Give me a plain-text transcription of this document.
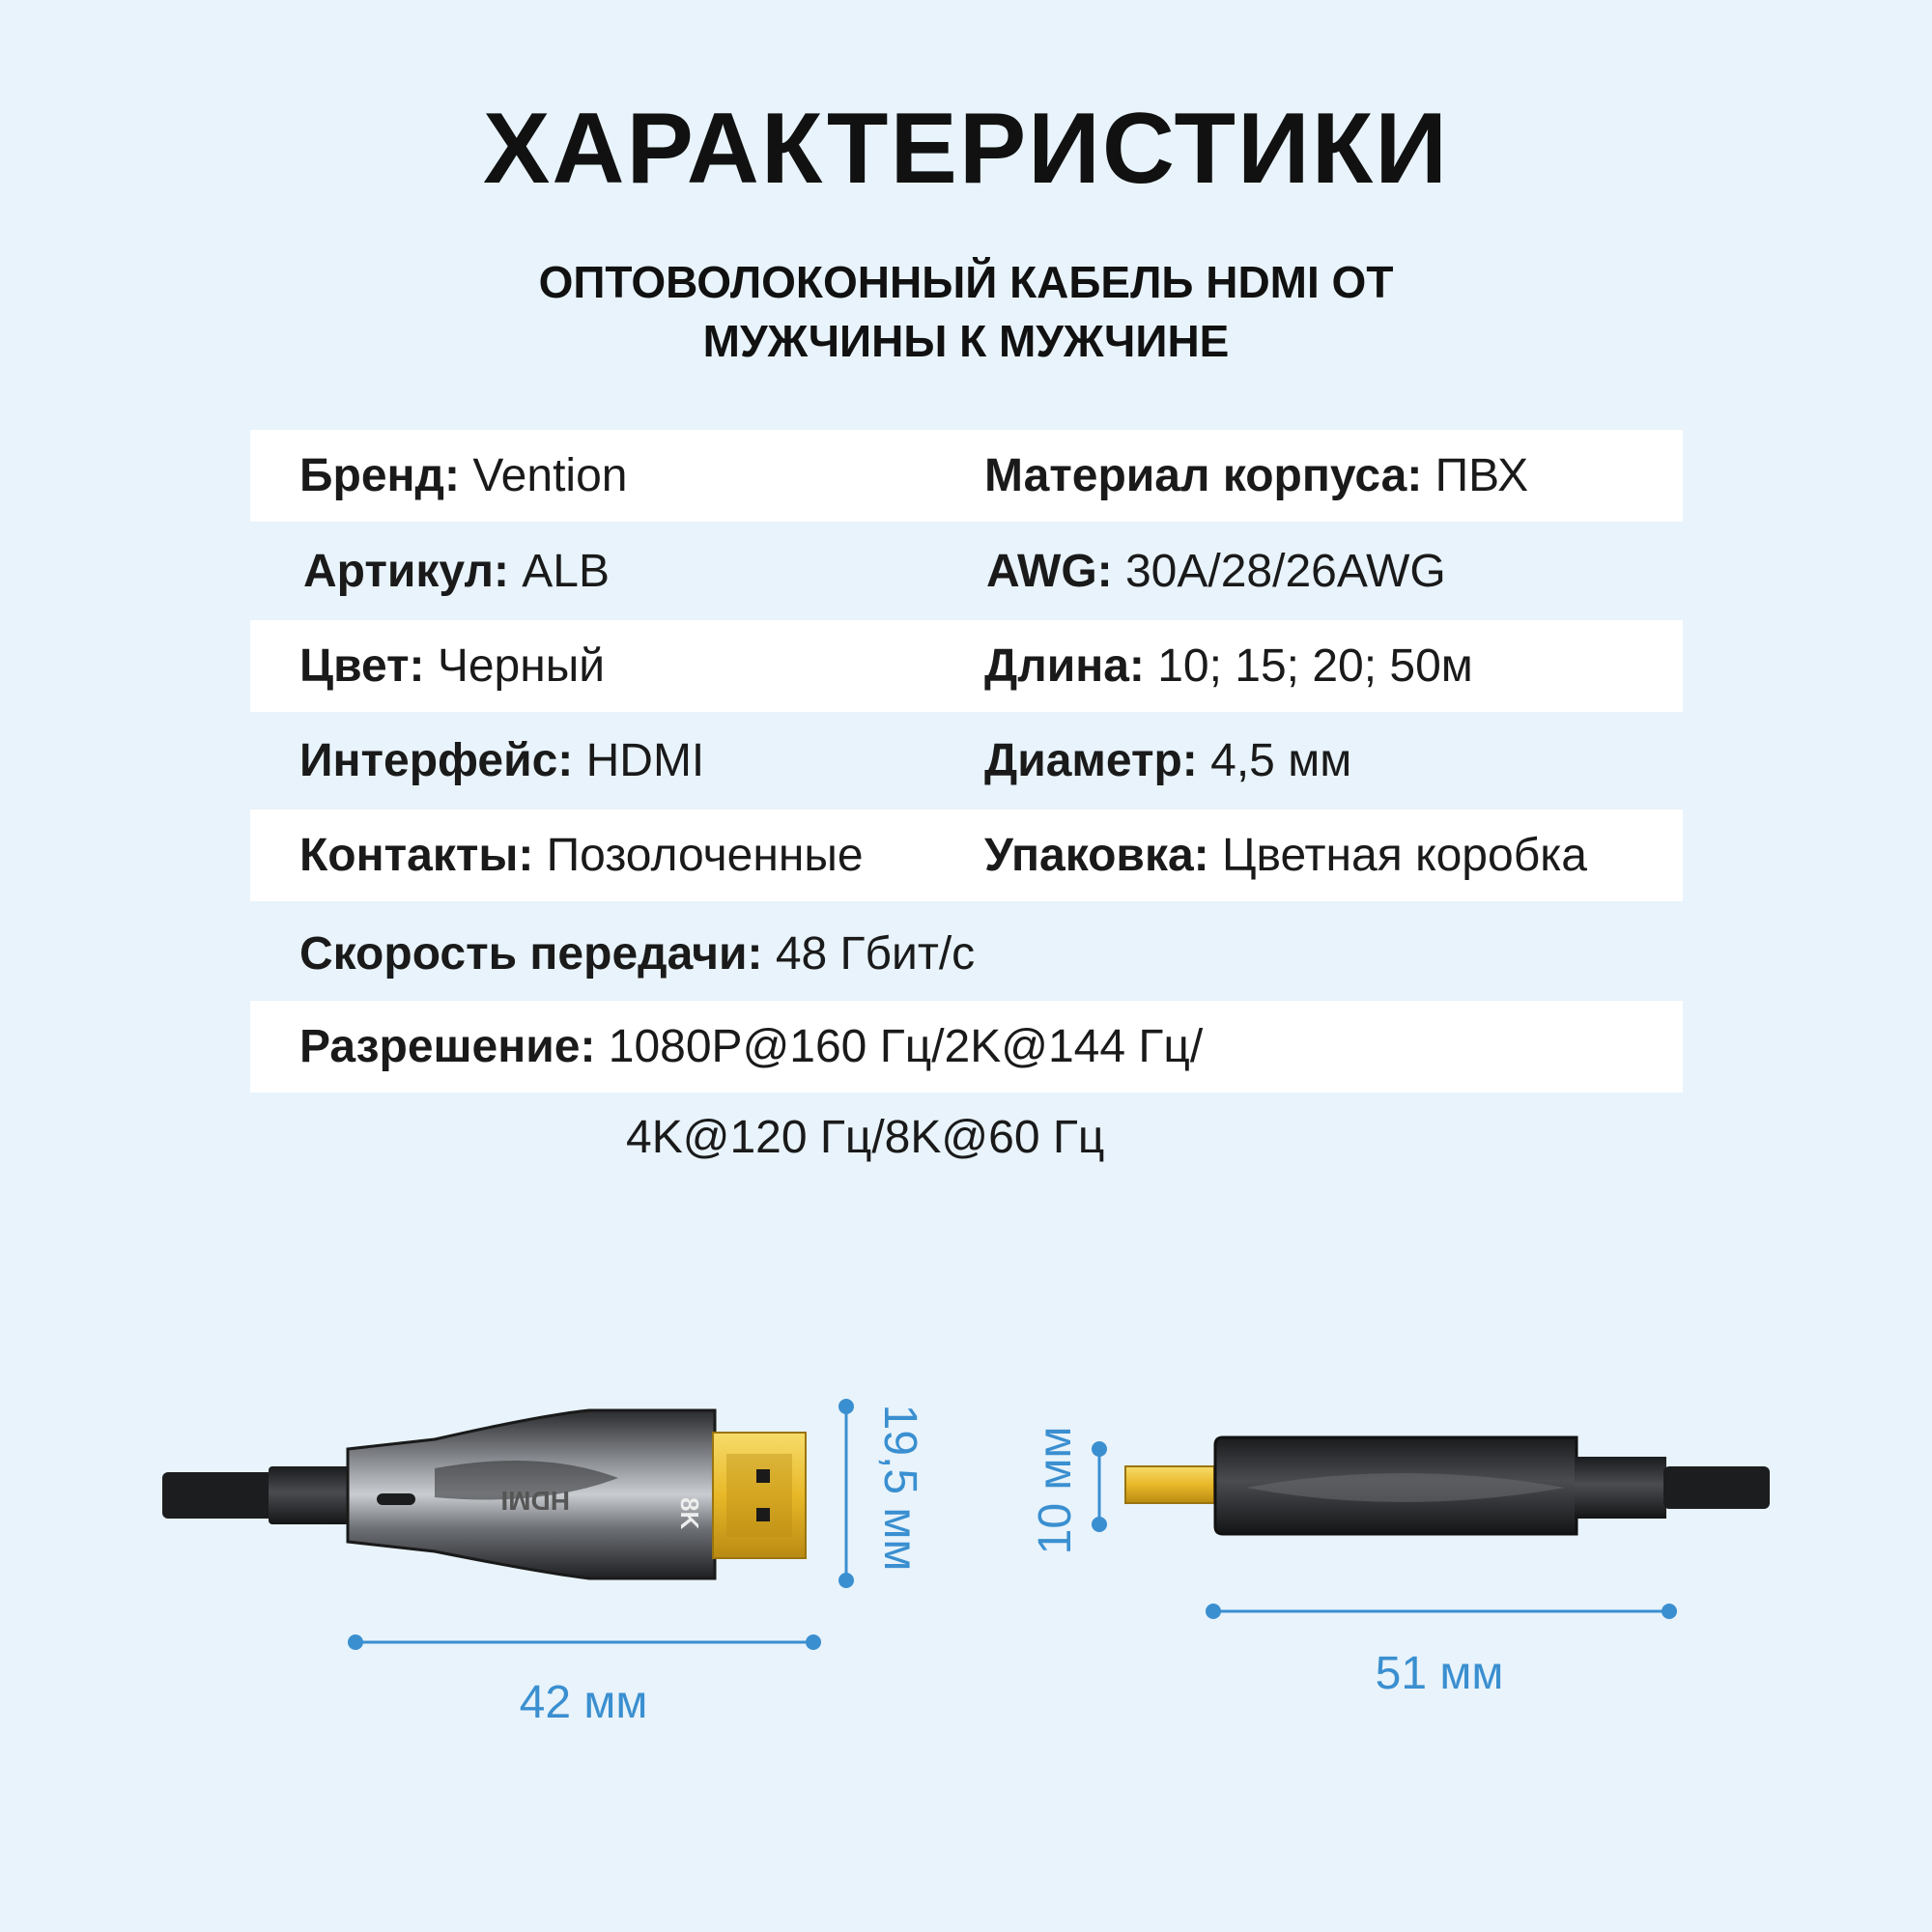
ХАРАКТЕРИСТИКИ
ОПТОВОЛОКОННЫЙ КАБЕЛЬ HDMI ОТ
МУЖЧИНЫ К МУЖЧИНЕ
Бренд: Vention	Материал корпуса: ПВХ
Артикул: ALB	AWG: 30A/28/26AWG
Цвет: Черный	Длина: 10; 15; 20; 50м
Интерфейс: HDMI	Диаметр: 4,5 мм
Контакты: Позолоченные	Упаковка: Цветная коробка
Скорость передачи: 48 Гбит/с
Разрешение: 1080P@160 Гц/2K@144 Гц/
4K@120 Гц/8K@60 Гц
HDMI	8K	19,5 мм
42 мм
10 мм
51 мм
